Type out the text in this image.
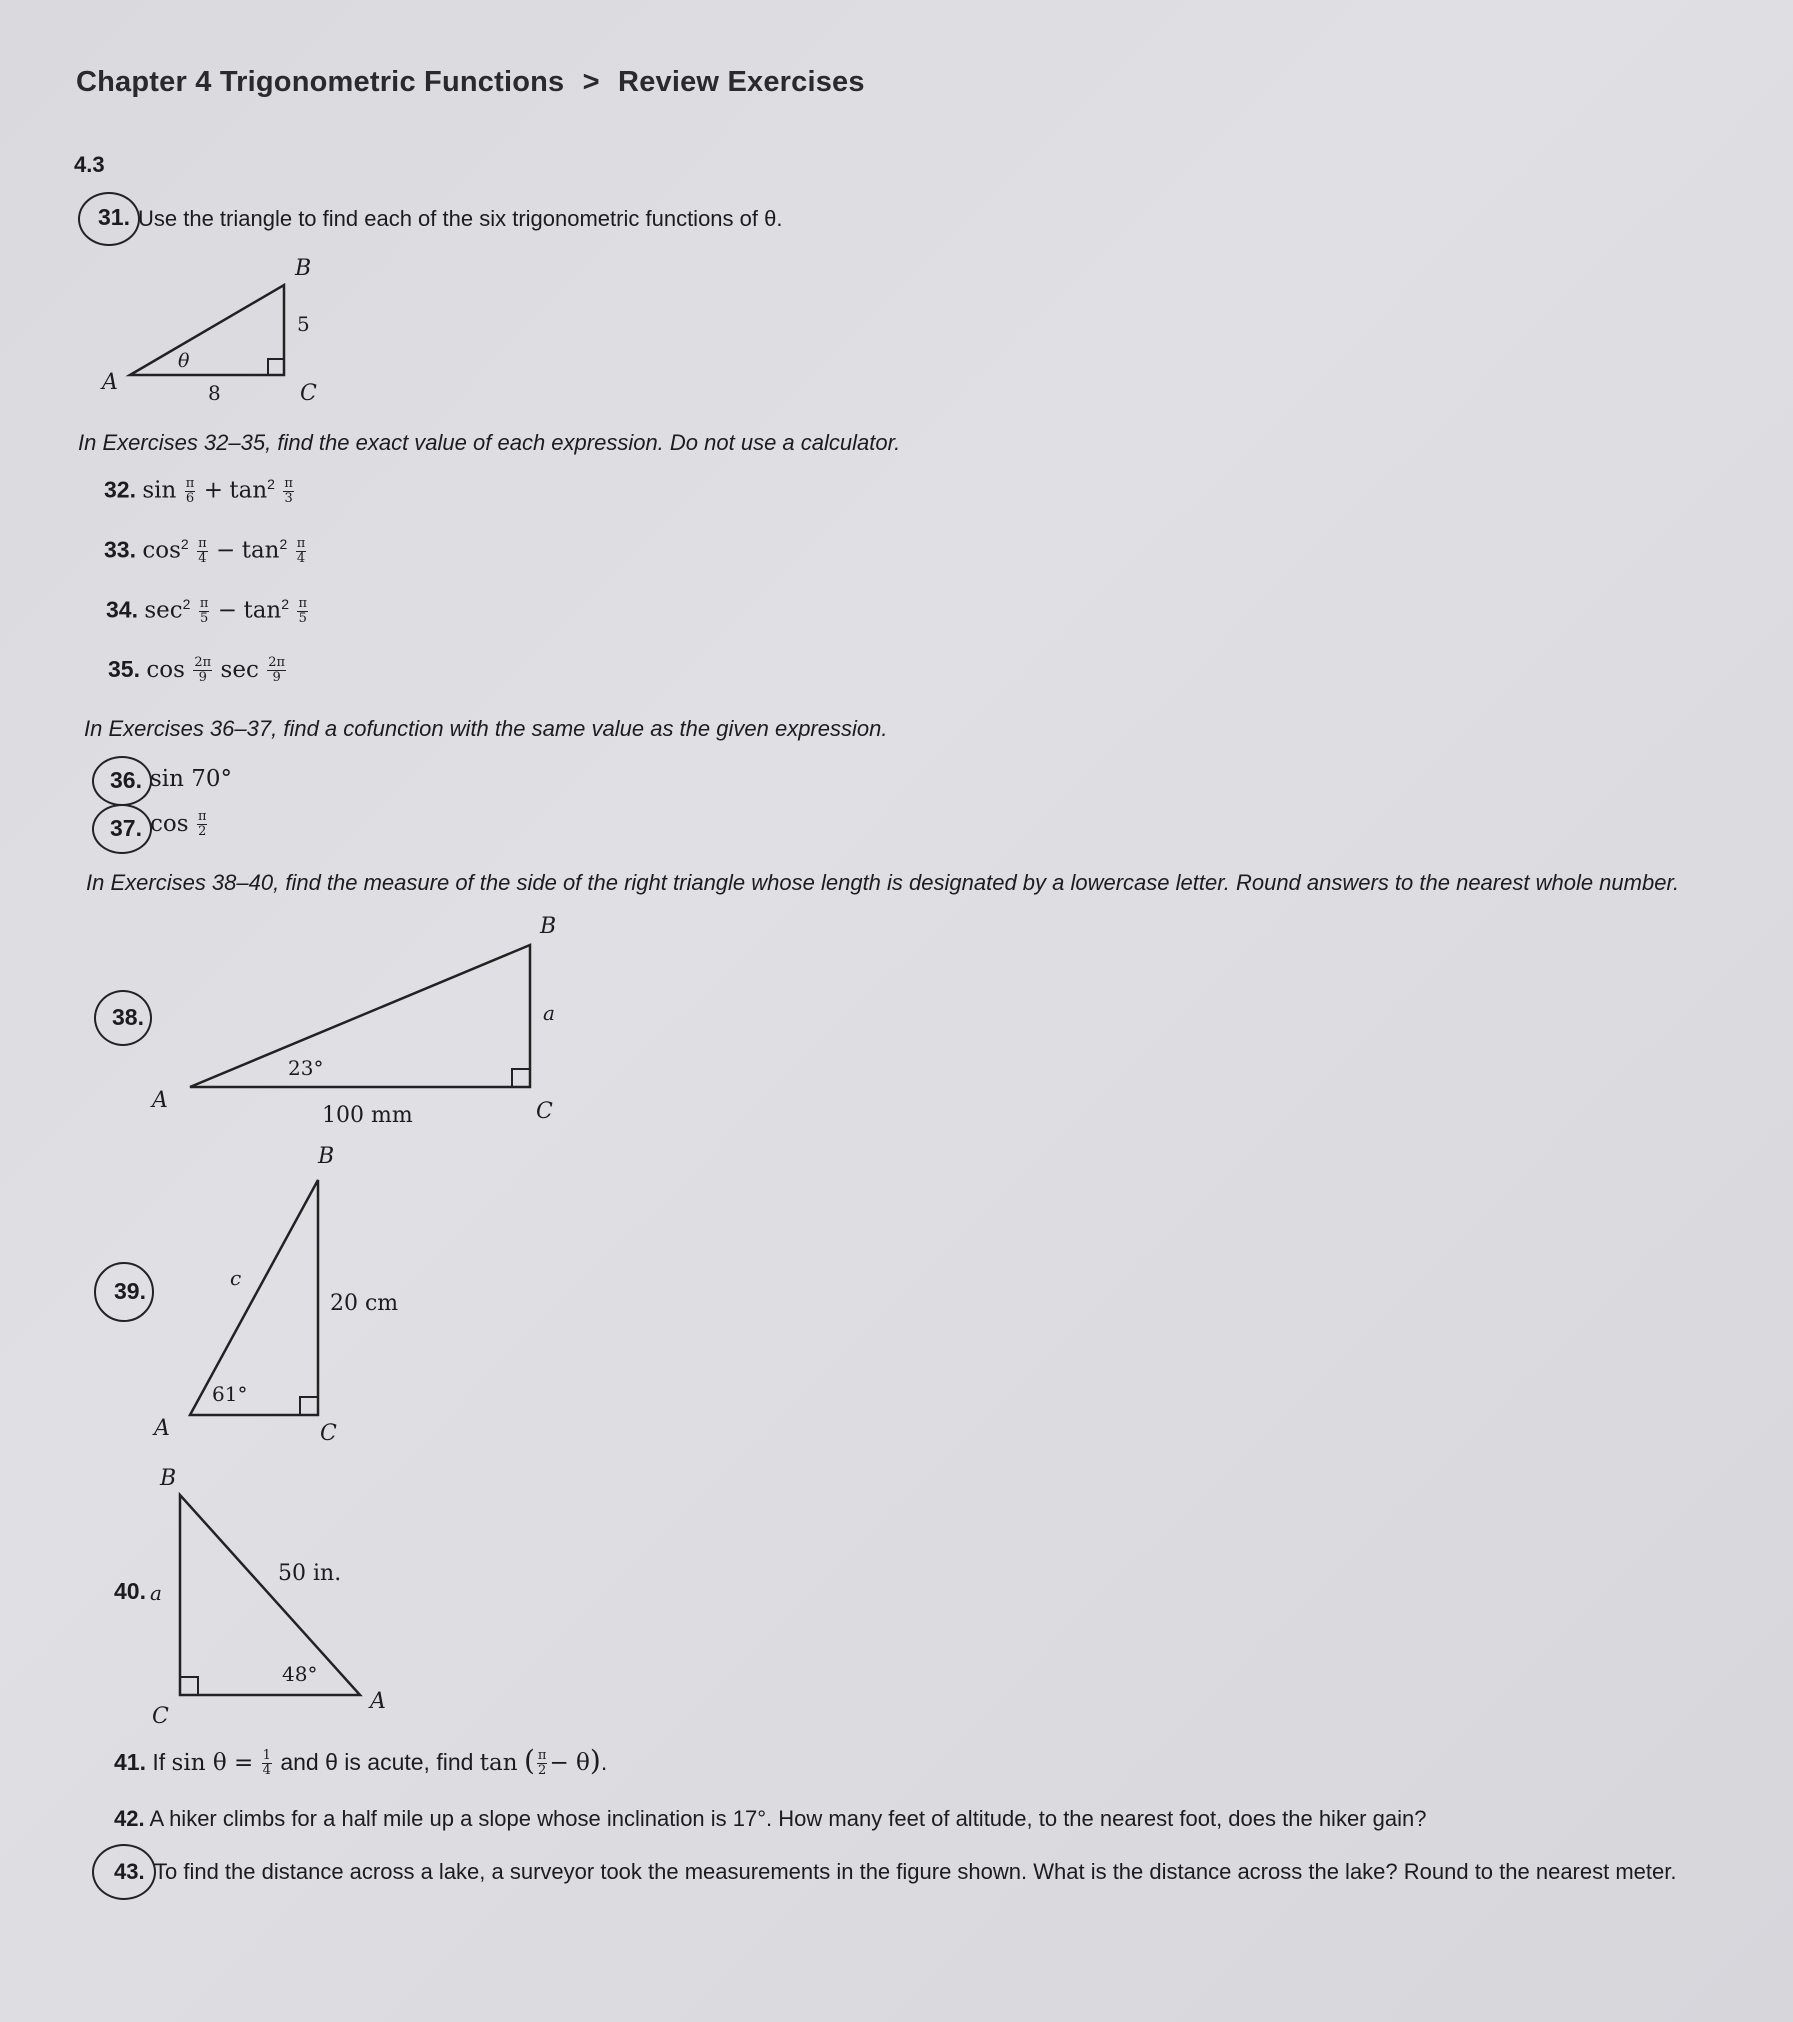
Chapter 4 Trigonometric Functions > Review Exercises
4.3
31. Use the triangle to find each of the six trigonometric functions of θ.
B
5
θ
A	8	C
In Exercises 32–35, find the exact value of each expression. Do not use a calculator.
32. $\sin \frac{\pi}{6} + \tan^2 \frac{\pi}{3}$
33. $\cos^2 \frac{\pi}{4} - \tan^2 \frac{\pi}{4}$
34. $\sec^2 \frac{\pi}{5} - \tan^2 \frac{\pi}{5}$
35. $\cos \frac{2\pi}{9}$ $\sec \frac{2\pi}{9}$
In Exercises 36–37, find a cofunction with the same value as the given expression.
36. sin 70°
37. $\cos \frac{\pi}{2}$
In Exercises 38–40, find the measure of the side of the right triangle whose length is designated by a lowercase letter. Round answers to the nearest whole number.
38.
B
a
23°
A
100 mm	C
39.
B
c
20 cm
61°
A	C
40.
B
a
50 in.
48°
A
C
41. If $\sin \theta = \frac{1}{4}$ and θ is acute, find tan ( $\frac{\pi}{2} - \theta$).
42. A hiker climbs for a half mile up a slope whose inclination is 17°. How many feet of altitude, to the nearest foot, does the hiker gain?
43. To find the distance across a lake, a surveyor took the measurements in the figure shown. What is the distance across the lake? Round to the nearest meter.
